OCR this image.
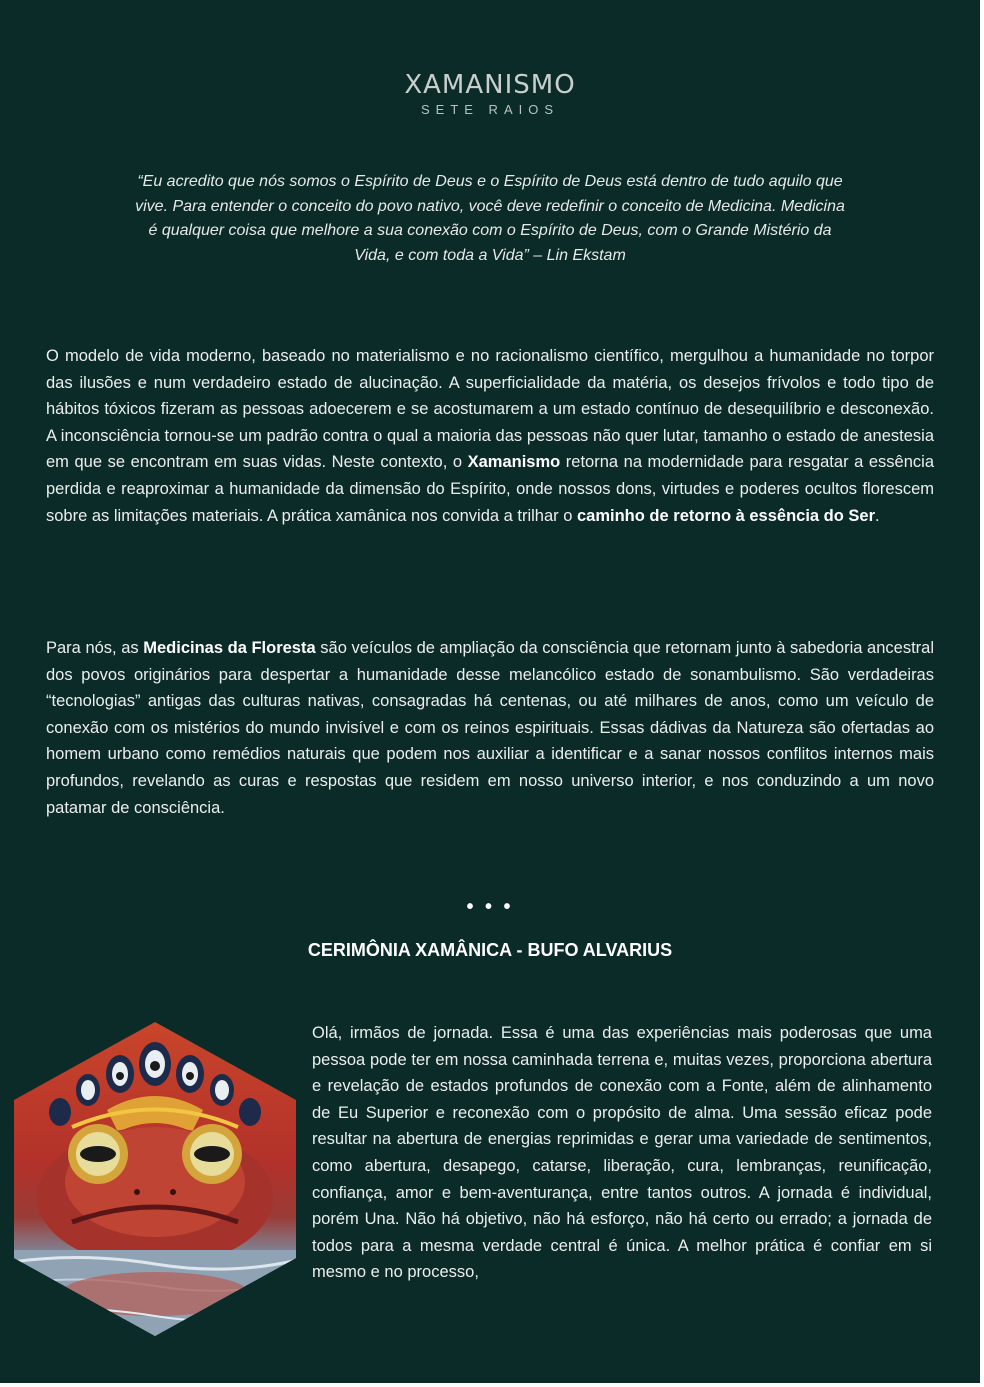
XAMANISMO
SETE RAIOS
“Eu acredito que nós somos o Espírito de Deus e o Espírito de Deus está dentro de tudo aquilo que vive. Para entender o conceito do povo nativo, você deve redefinir o conceito de Medicina. Medicina é qualquer coisa que melhore a sua conexão com o Espírito de Deus, com o Grande Mistério da Vida, e com toda a Vida” – Lin Ekstam

O modelo de vida moderno, baseado no materialismo e no racionalismo científico, mergulhou a humanidade no torpor das ilusões e num verdadeiro estado de alucinação. A superficialidade da matéria, os desejos frívolos e todo tipo de hábitos tóxicos fizeram as pessoas adoecerem e se acostumarem a um estado contínuo de desequilíbrio e desconexão. A inconsciência tornou-se um padrão contra o qual a maioria das pessoas não quer lutar, tamanho o estado de anestesia em que se encontram em suas vidas. Neste contexto, o Xamanismo retorna na modernidade para resgatar a essência perdida e reaproximar a humanidade da dimensão do Espírito, onde nossos dons, virtudes e poderes ocultos florescem sobre as limitações materiais. A prática xamânica nos convida a trilhar o caminho de retorno à essência do Ser.

Para nós, as Medicinas da Floresta são veículos de ampliação da consciência que retornam junto à sabedoria ancestral dos povos originários para despertar a humanidade desse melancólico estado de sonambulismo. São verdadeiras “tecnologias” antigas das culturas nativas, consagradas há centenas, ou até milhares de anos, como um veículo de conexão com os mistérios do mundo invisível e com os reinos espirituais. Essas dádivas da Natureza são ofertadas ao homem urbano como remédios naturais que podem nos auxiliar a identificar e a sanar nossos conflitos internos mais profundos, revelando as curas e respostas que residem em nosso universo interior, e nos conduzindo a um novo patamar de consciência.

• • •
CERIMÔNIA XAMÂNICA - BUFO ALVARIUS

Olá, irmãos de jornada. Essa é uma das experiências mais poderosas que uma pessoa pode ter em nossa caminhada terrena e, muitas vezes, proporciona abertura e revelação de estados profundos de conexão com a Fonte, além de alinhamento de Eu Superior e reconexão com o propósito de alma. Uma sessão eficaz pode resultar na abertura de energias reprimidas e gerar uma variedade de sentimentos, como abertura, desapego, catarse, liberação, cura, lembranças, reunificação, confiança, amor e bem-aventurança, entre tantos outros. A jornada é individual, porém Una. Não há objetivo, não há esforço, não há certo ou errado; a jornada de todos para a mesma verdade central é única. A melhor prática é confiar em si mesmo e no processo,
